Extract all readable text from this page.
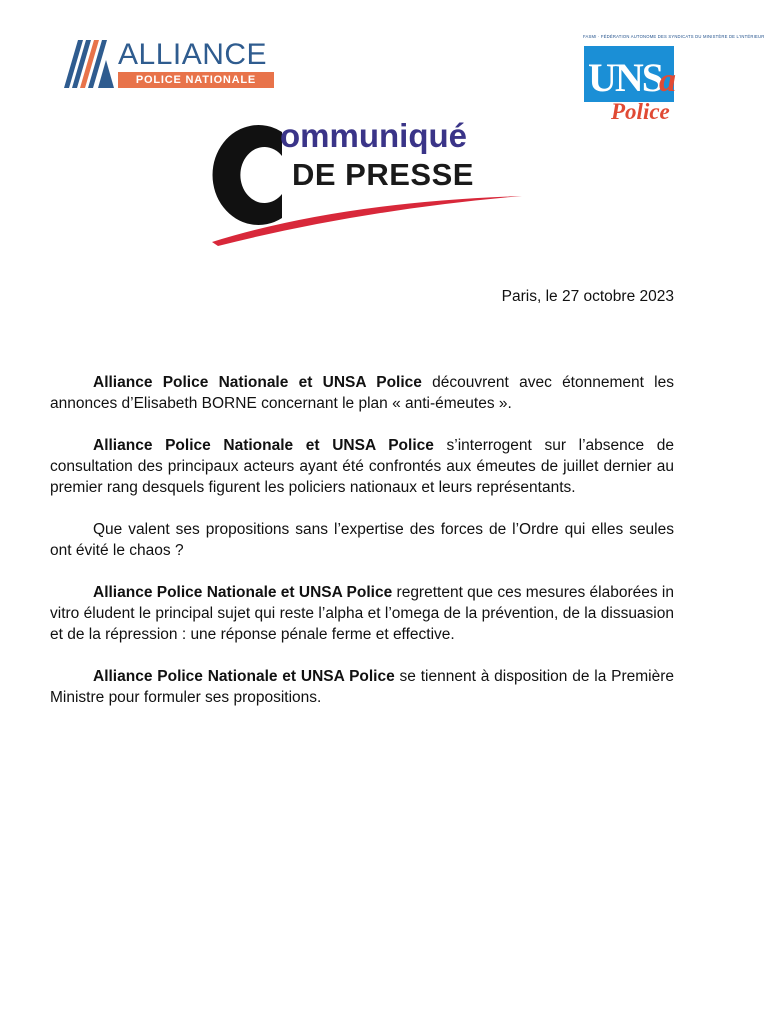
ALLIANCE
POLICE NATIONALE
FASMI · FÉDÉRATION AUTONOME DES SYNDICATS DU MINISTÈRE DE L'INTÉRIEUR
UNS
a
Police
ommuniqué
DE PRESSE
Paris, le 27 octobre 2023

Alliance Police Nationale et UNSA Police découvrent avec étonnement les annonces d’Elisabeth BORNE concernant le plan « anti-émeutes ».

Alliance Police Nationale et UNSA Police s’interrogent sur l’absence de consultation des principaux acteurs ayant été confrontés aux émeutes de juillet dernier au premier rang desquels figurent les policiers nationaux et leurs représentants.

Que valent ses propositions sans l’expertise des forces de l’Ordre qui elles seules ont évité le chaos ?

Alliance Police Nationale et UNSA Police regrettent que ces mesures élaborées in vitro éludent le principal sujet qui reste l’alpha et l’omega de la prévention, de la dissuasion et de la répression : une réponse pénale ferme et effective.

Alliance Police Nationale et UNSA Police se tiennent à disposition de la Première Ministre pour formuler ses propositions.
